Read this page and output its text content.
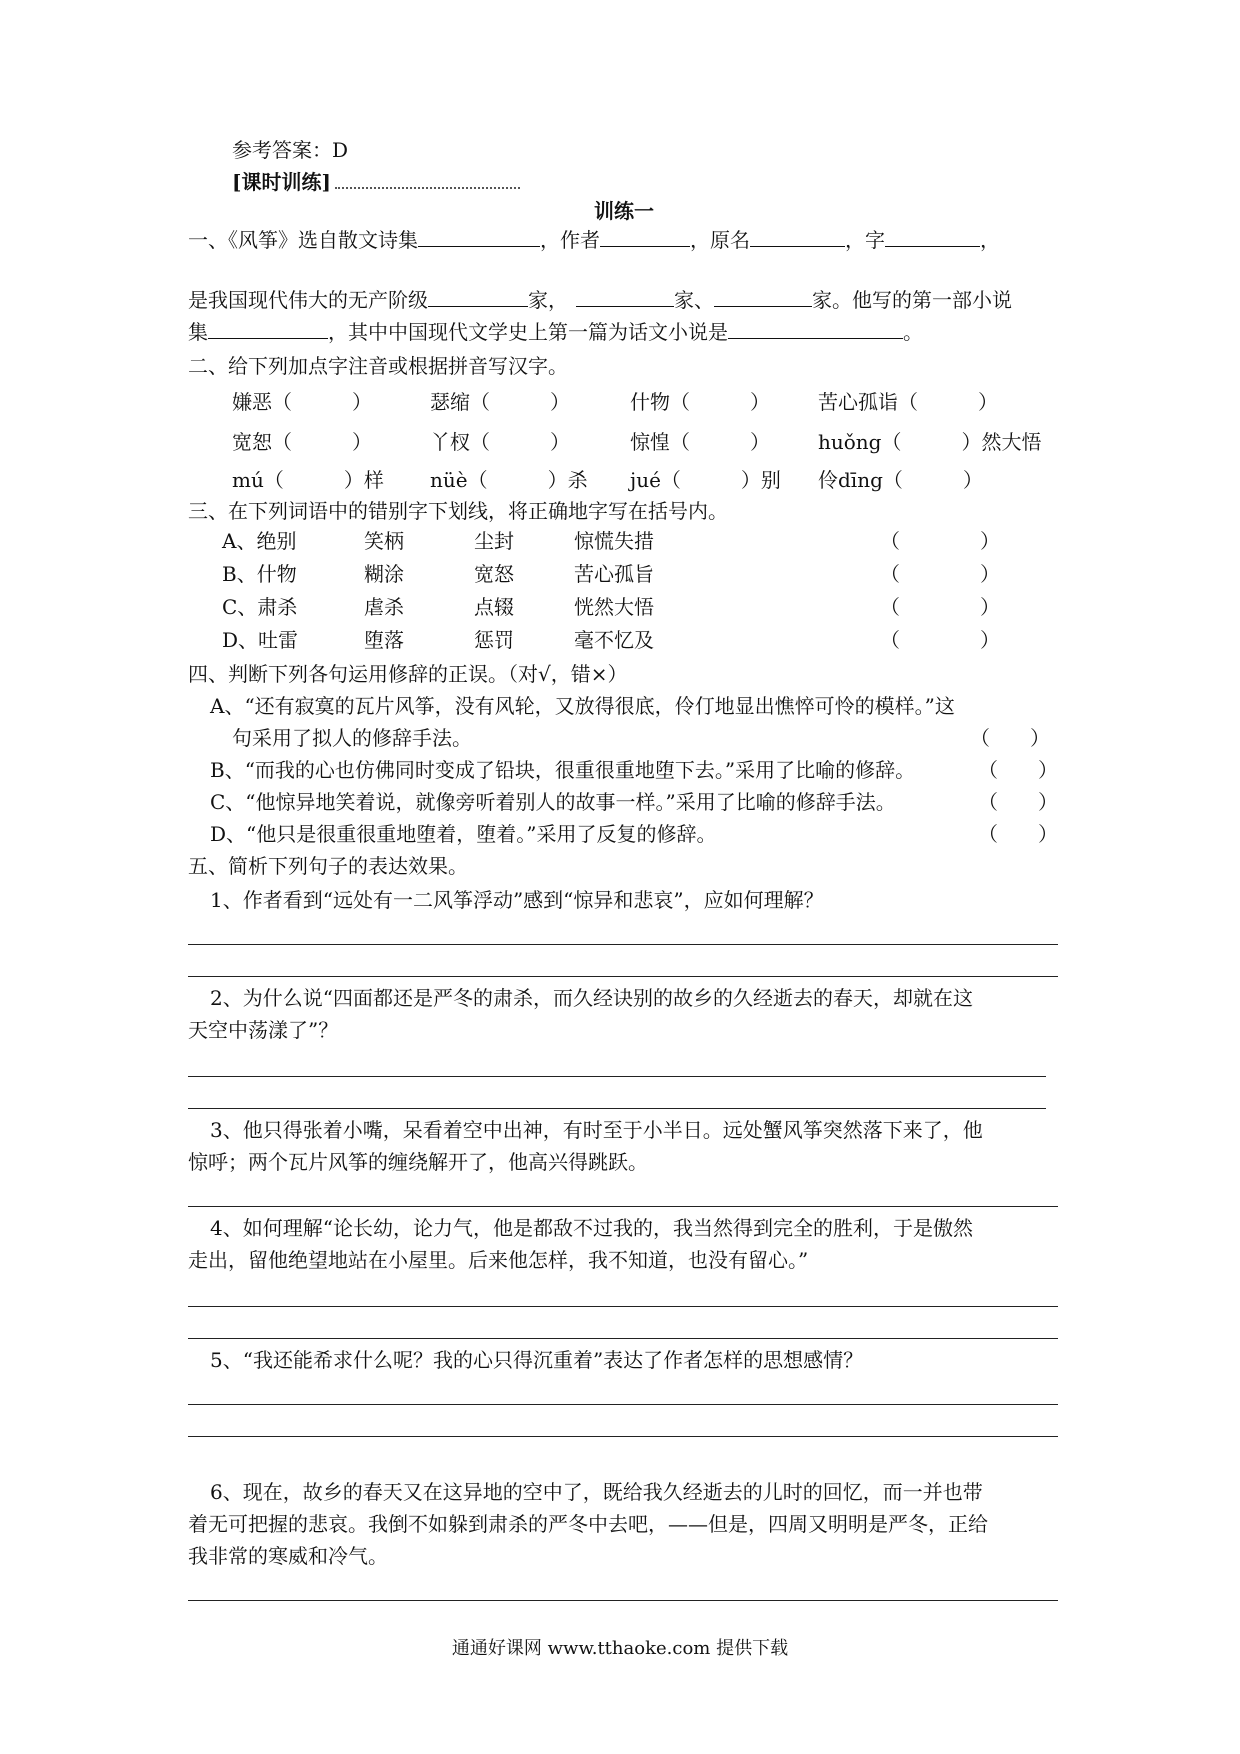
参考答案：D
[课时训练]
训练一
一、《风筝》选自散文诗集	，作者	，原名	，字	，
是我国现代伟大的无产阶级	家，	家、	家。他写的第一部小说
集	，其中中国现代文学史上第一篇为话文小说是	。
二、给下列加点字注音或根据拼音写汉字。
嫌恶（　　　）	瑟缩（　　　）	什物（　　　） 苦心孤诣（　　　）
宽恕（　　　）	丫杈（　　　）	惊惶（　　　） huǒng（　　　）然大悟
mú（　　　）样 nüè（　　　）杀 jué（　　　）别 伶dīng（　　　）
三、在下列词语中的错别字下划线，将正确地字写在括号内。
A、绝别	笑柄	尘封	惊慌失措	（　　　　）
B、什物	糊涂	宽怒	苦心孤旨	（　　　　）
C、肃杀	虐杀	点辍	恍然大悟	（　　　　）
D、吐雷	堕落	惩罚	毫不忆及	（　　　　）
四、判断下列各句运用修辞的正误。（对√，错×）
A、“还有寂寞的瓦片风筝，没有风轮，又放得很底，伶仃地显出憔悴可怜的模样。”这
句采用了拟人的修辞手法。	（　　）
B、“而我的心也仿佛同时变成了铅块，很重很重地堕下去。”采用了比喻的修辞。	（　　）
C、“他惊异地笑着说，就像旁听着别人的故事一样。”采用了比喻的修辞手法。	（　　）
D、“他只是很重很重地堕着，堕着。”采用了反复的修辞。	（　　）
五、简析下列句子的表达效果。
1、作者看到“远处有一二风筝浮动”感到“惊异和悲哀”，应如何理解？
2、为什么说“四面都还是严冬的肃杀，而久经诀别的故乡的久经逝去的春天，却就在这
天空中荡漾了”？
3、他只得张着小嘴，呆看着空中出神，有时至于小半日。远处蟹风筝突然落下来了，他
惊呼；两个瓦片风筝的缠绕解开了，他高兴得跳跃。
4、如何理解“论长幼，论力气，他是都敌不过我的，我当然得到完全的胜利，于是傲然
走出，留他绝望地站在小屋里。后来他怎样，我不知道，也没有留心。”
5、“我还能希求什么呢？我的心只得沉重着”表达了作者怎样的思想感情？
6、现在，故乡的春天又在这异地的空中了，既给我久经逝去的儿时的回忆，而一并也带
着无可把握的悲哀。我倒不如躲到肃杀的严冬中去吧，——但是，四周又明明是严冬，正给
我非常的寒威和冷气。
通通好课网 www.tthaoke.com 提供下载
